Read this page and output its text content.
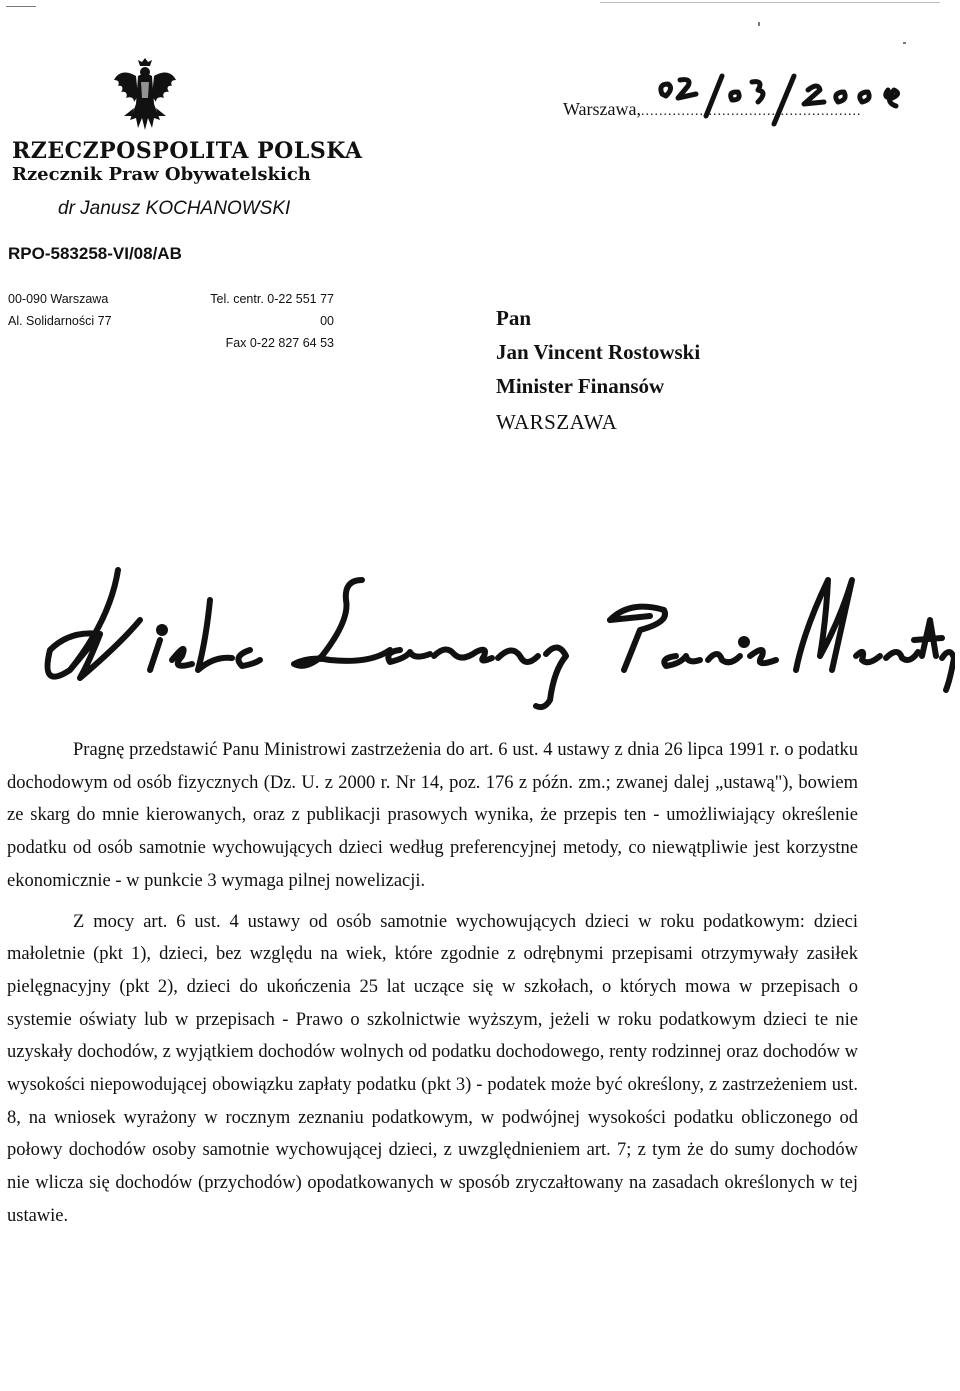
RZECZPOSPOLITA POLSKA
Rzecznik Praw Obywatelskich
dr Janusz KOCHANOWSKI
RPO-583258-VI/08/AB
00-090 Warszawa
Al. Solidarności 77
Tel. centr. 0-22 551 77 00
Fax 0-22 827 64 53
Warszawa,.................................................
Pan
Jan Vincent Rostowski
Minister Finansów
WARSZAWA

Pragnę przedstawić Panu Ministrowi zastrzeżenia do art. 6 ust. 4 ustawy z dnia 26 lipca 1991 r. o podatku dochodowym od osób fizycznych (Dz. U. z 2000 r. Nr 14, poz. 176 z późn. zm.; zwanej dalej „ustawą"), bowiem ze skarg do mnie kierowanych, oraz z publikacji prasowych wynika, że przepis ten - umożliwiający określenie podatku od osób samotnie wychowujących dzieci według preferencyjnej metody, co niewątpliwie jest korzystne ekonomicznie - w punkcie 3 wymaga pilnej nowelizacji.

Z mocy art. 6 ust. 4 ustawy od osób samotnie wychowujących dzieci w roku podatkowym: dzieci małoletnie (pkt 1), dzieci, bez względu na wiek, które zgodnie z odrębnymi przepisami otrzymywały zasiłek pielęgnacyjny (pkt 2), dzieci do ukończenia 25 lat uczące się w szkołach, o których mowa w przepisach o systemie oświaty lub w przepisach - Prawo o szkolnictwie wyższym, jeżeli w roku podatkowym dzieci te nie uzyskały dochodów, z wyjątkiem dochodów wolnych od podatku dochodowego, renty rodzinnej oraz dochodów w wysokości niepowodującej obowiązku zapłaty podatku (pkt 3) - podatek może być określony, z zastrzeżeniem ust. 8, na wniosek wyrażony w rocznym zeznaniu podatkowym, w podwójnej wysokości podatku obliczonego od połowy dochodów osoby samotnie wychowującej dzieci, z uwzględnieniem art. 7; z tym że do sumy dochodów nie wlicza się dochodów (przychodów) opodatkowanych w sposób zryczałtowany na zasadach określonych w tej ustawie.
